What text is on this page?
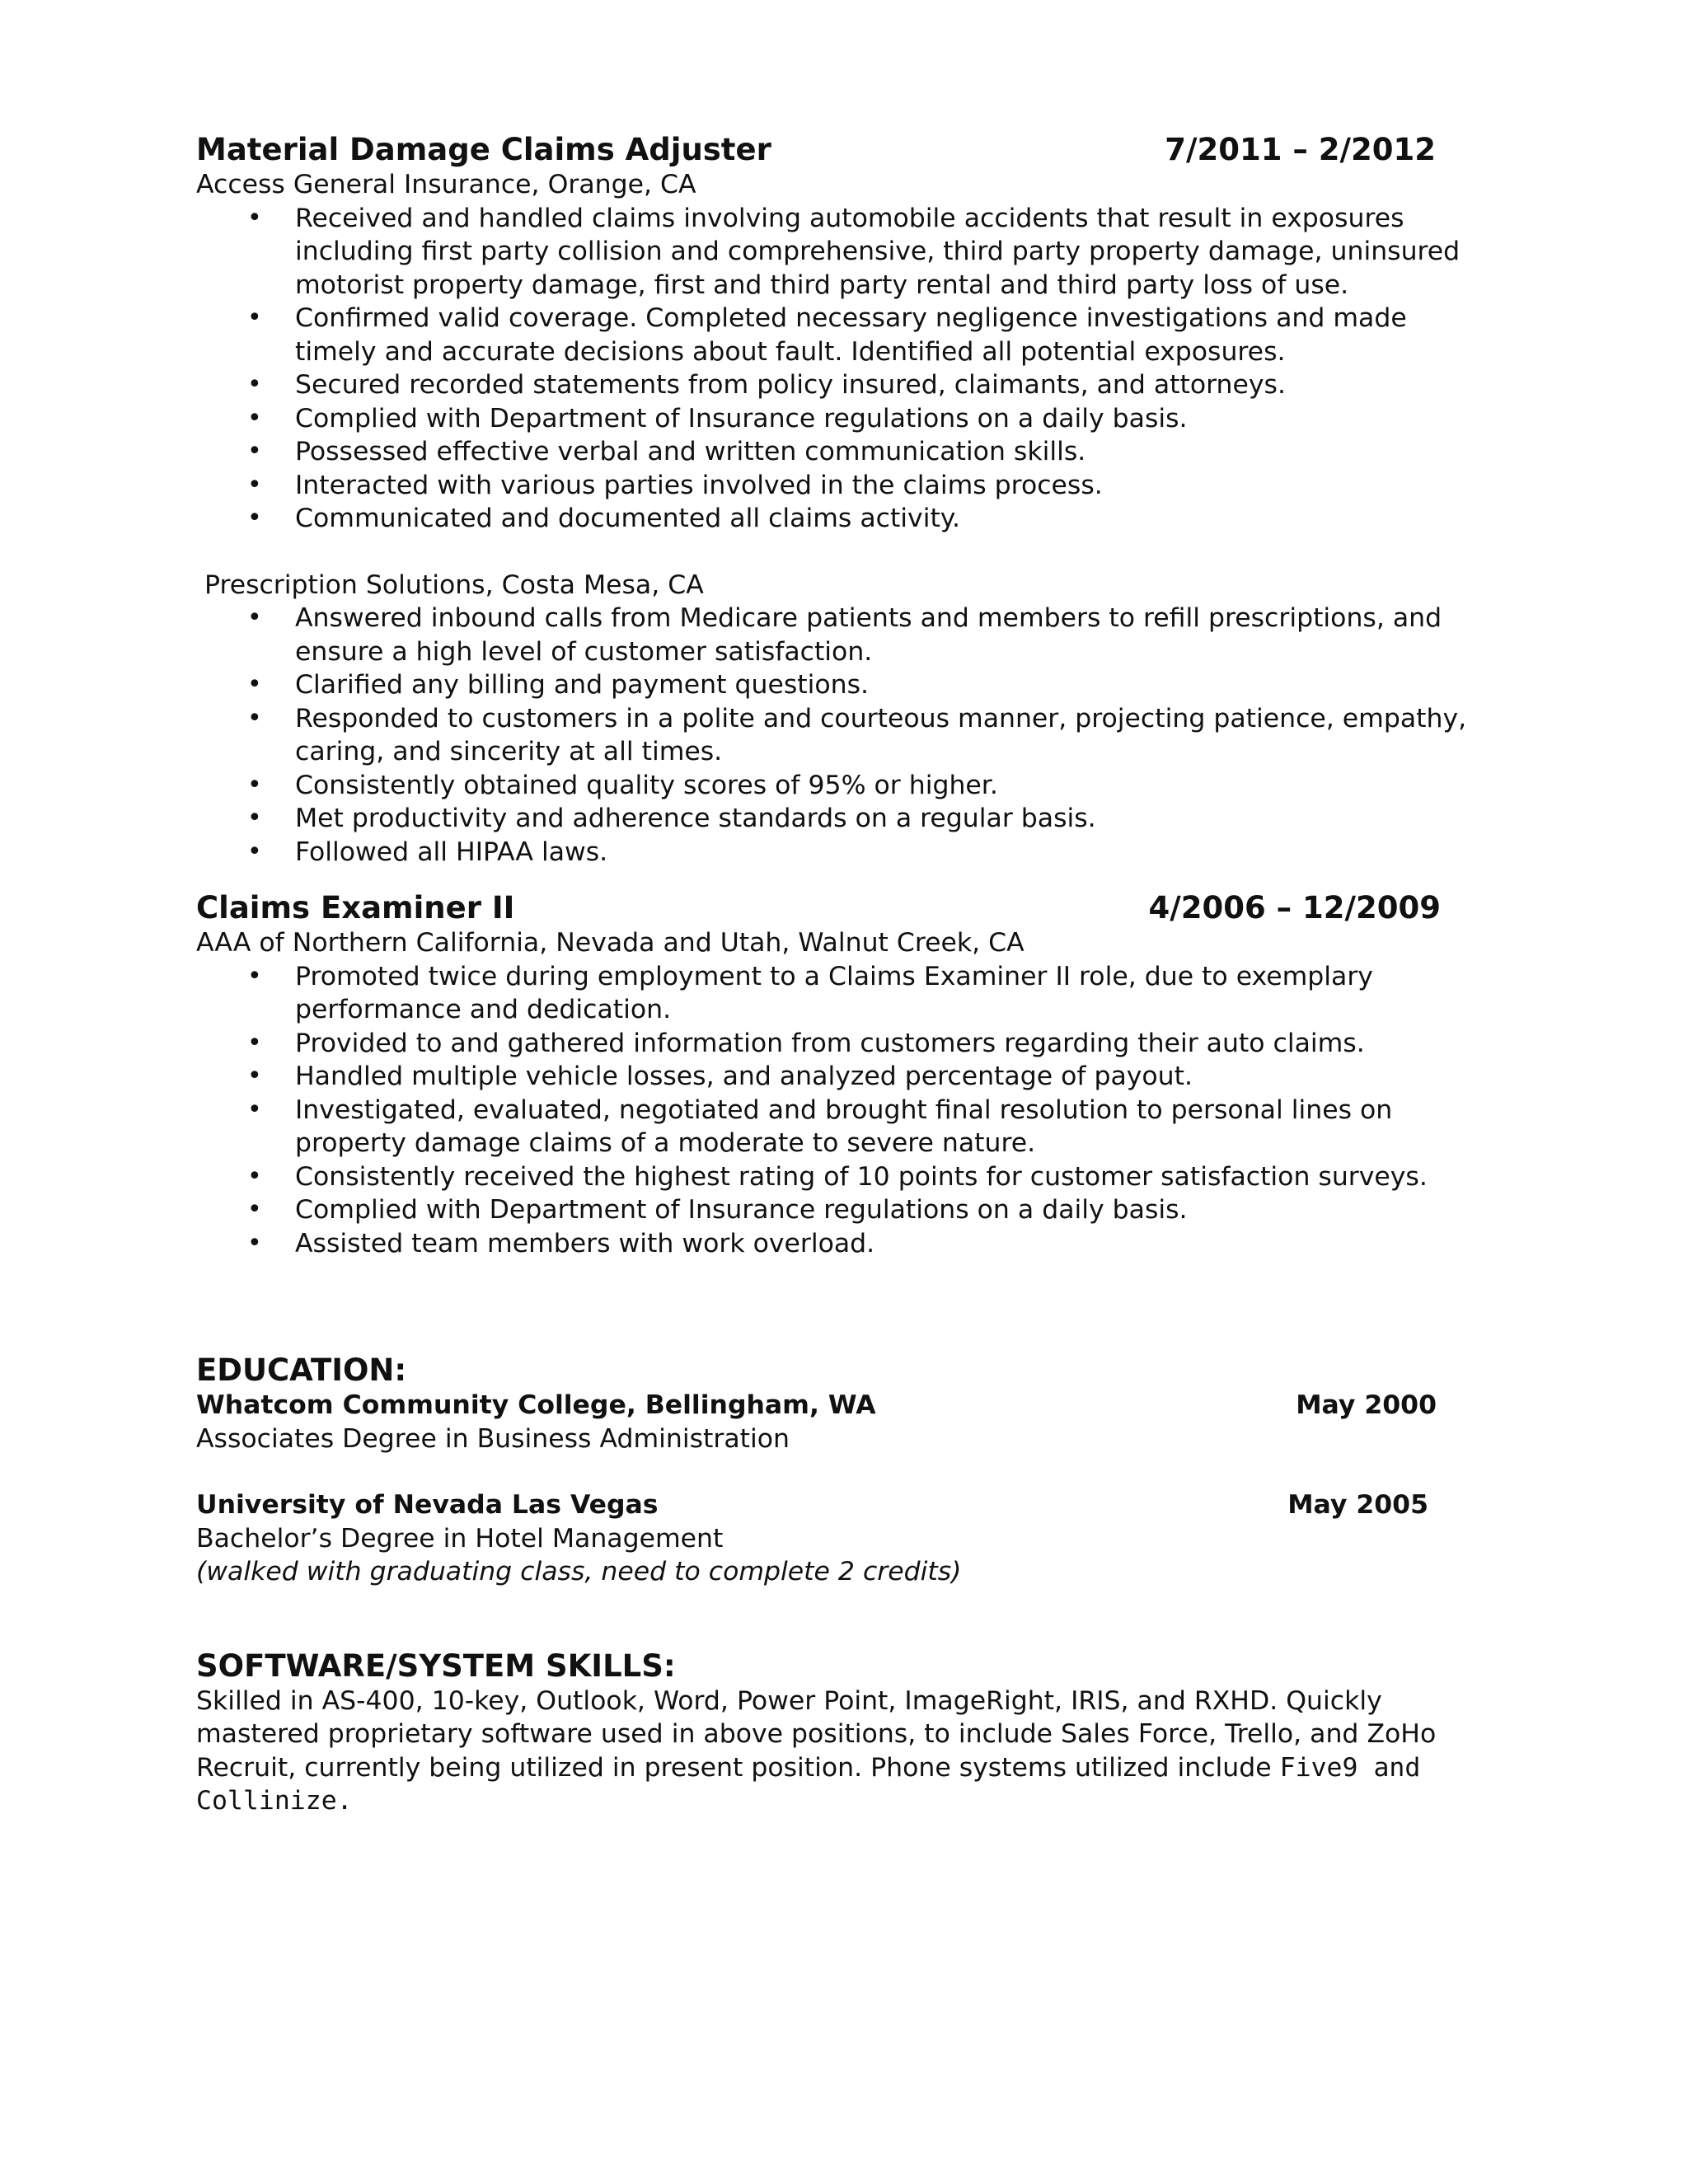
Material Damage Claims Adjuster	7/2011 – 2/2012
Access General Insurance, Orange, CA
• Received and handled claims involving automobile accidents that result in exposures including first party collision and comprehensive, third party property damage, uninsured motorist property damage, first and third party rental and third party loss of use.
• Confirmed valid coverage. Completed necessary negligence investigations and made timely and accurate decisions about fault. Identified all potential exposures.
• Secured recorded statements from policy insured, claimants, and attorneys.
• Complied with Department of Insurance regulations on a daily basis.
• Possessed effective verbal and written communication skills.
• Interacted with various parties involved in the claims process.
• Communicated and documented all claims activity.
Prescription Solutions, Costa Mesa, CA
• Answered inbound calls from Medicare patients and members to refill prescriptions, and ensure a high level of customer satisfaction.
• Clarified any billing and payment questions.
• Responded to customers in a polite and courteous manner, projecting patience, empathy, caring, and sincerity at all times.
• Consistently obtained quality scores of 95% or higher.
• Met productivity and adherence standards on a regular basis.
• Followed all HIPAA laws.
Claims Examiner II	4/2006 – 12/2009
AAA of Northern California, Nevada and Utah, Walnut Creek, CA
• Promoted twice during employment to a Claims Examiner II role, due to exemplary performance and dedication.
• Provided to and gathered information from customers regarding their auto claims.
• Handled multiple vehicle losses, and analyzed percentage of payout.
• Investigated, evaluated, negotiated and brought final resolution to personal lines on property damage claims of a moderate to severe nature.
• Consistently received the highest rating of 10 points for customer satisfaction surveys.
• Complied with Department of Insurance regulations on a daily basis.
• Assisted team members with work overload.
EDUCATION:
Whatcom Community College, Bellingham, WA	May 2000
Associates Degree in Business Administration
University of Nevada Las Vegas	May 2005
Bachelor’s Degree in Hotel Management
(walked with graduating class, need to complete 2 credits)
SOFTWARE/SYSTEM SKILLS:

Skilled in AS-400, 10-key, Outlook, Word, Power Point, ImageRight, IRIS, and RXHD. Quickly mastered proprietary software used in above positions, to include Sales Force, Trello, and ZoHo Recruit, currently being utilized in present position. Phone systems utilized include Five9 and Collinize.
